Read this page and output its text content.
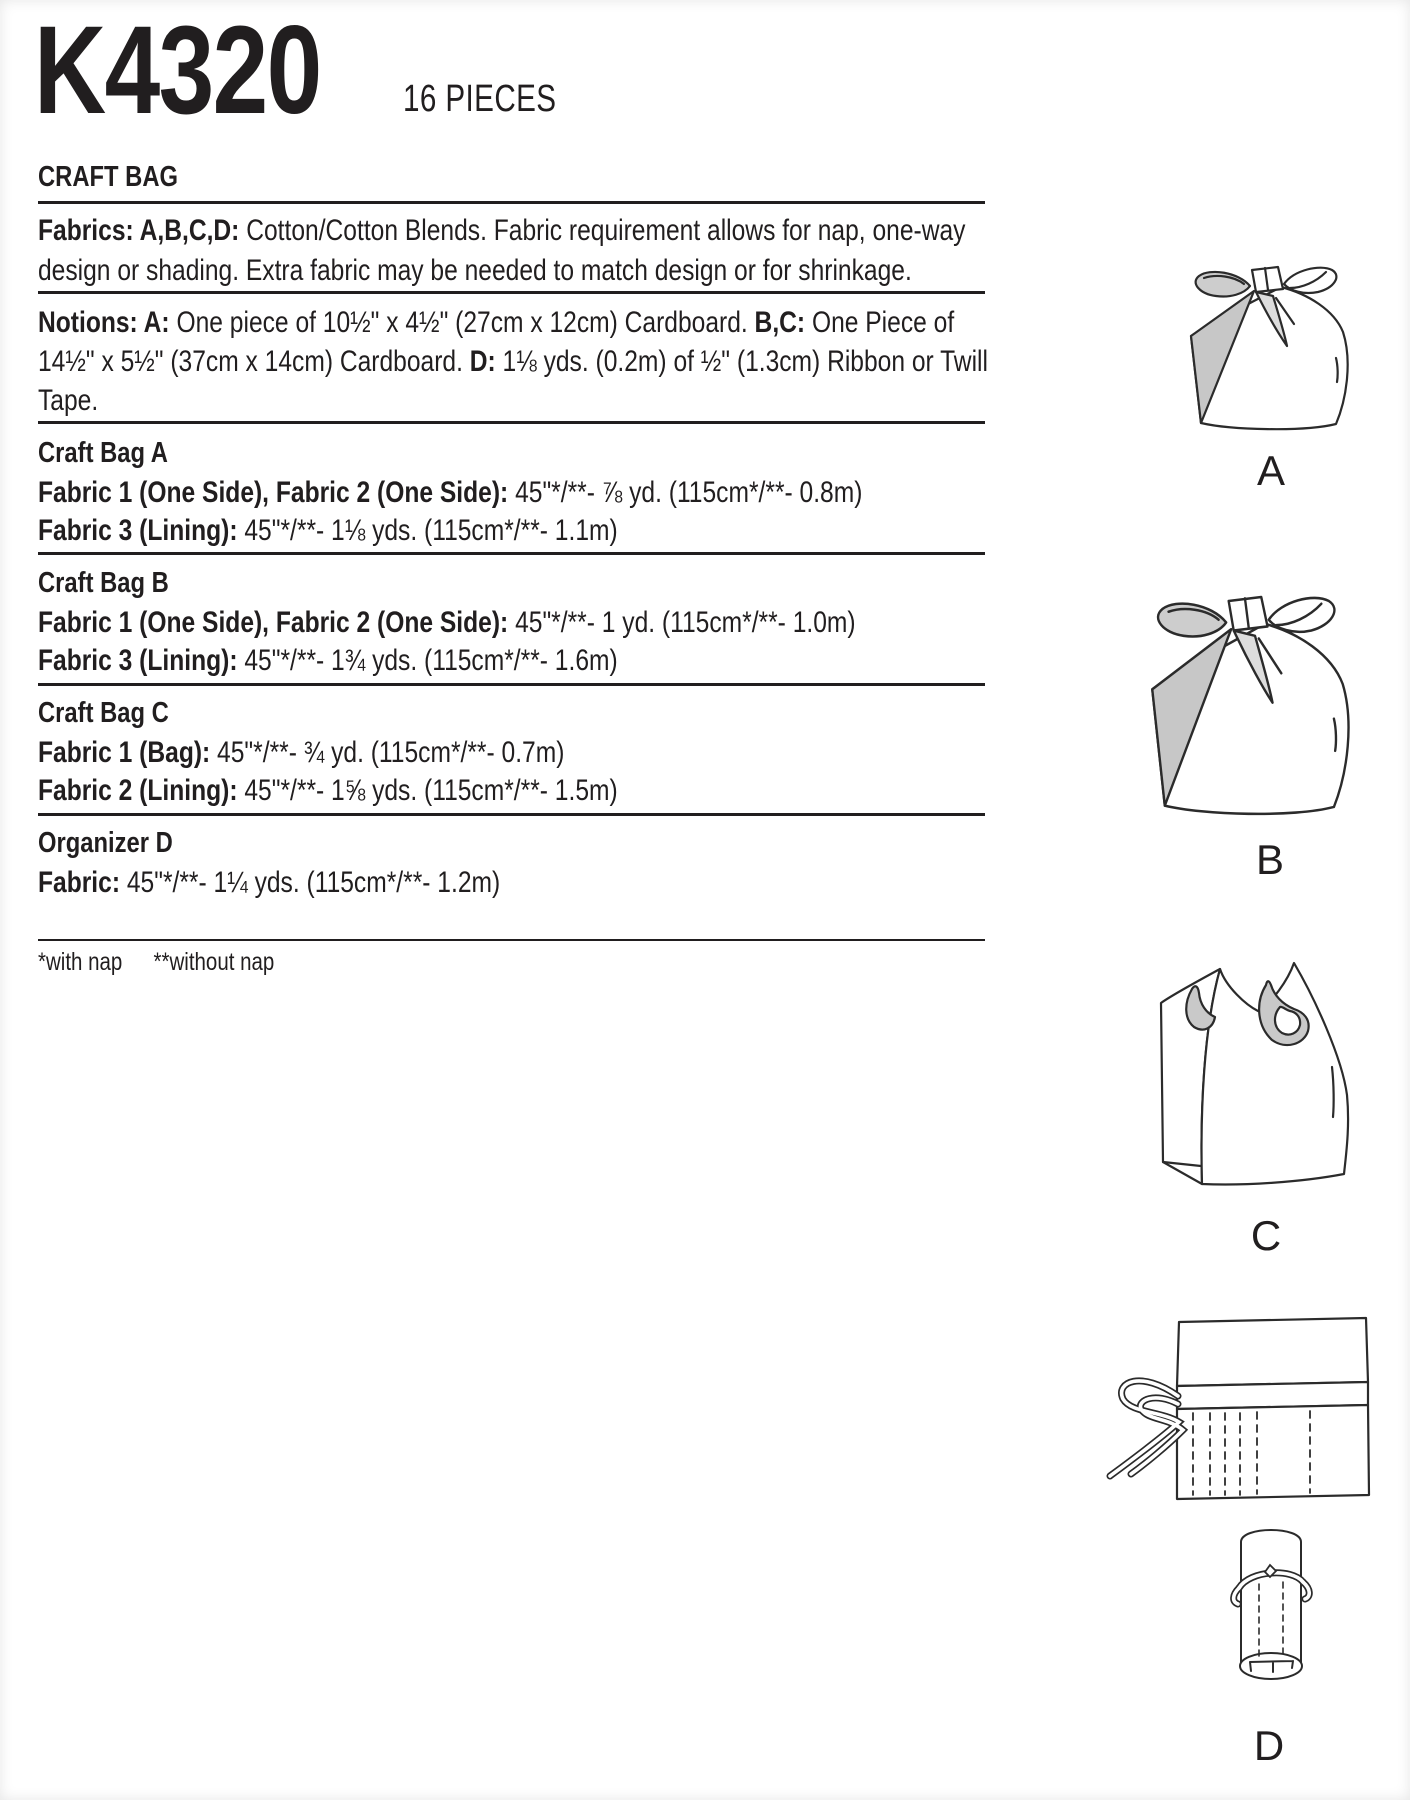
K4320	16 PIECES
CRAFT BAG
Fabrics: A,B,C,D: Cotton/Cotton Blends. Fabric requirement allows for nap, one-way
design or shading. Extra fabric may be needed to match design or for shrinkage.
Notions: A: One piece of 10½" x 4½" (27cm x 12cm) Cardboard. B,C: One Piece of
14½" x 5½" (37cm x 14cm) Cardboard. D: 1⅛ yds. (0.2m) of ½" (1.3cm) Ribbon or Twill
Tape.
Craft Bag A
Fabric 1 (One Side), Fabric 2 (One Side): 45"*/**- ⅞ yd. (115cm*/**- 0.8m)
Fabric 3 (Lining): 45"*/**- 1⅛ yds. (115cm*/**- 1.1m)
Craft Bag B
Fabric 1 (One Side), Fabric 2 (One Side): 45"*/**- 1 yd. (115cm*/**- 1.0m)
Fabric 3 (Lining): 45"*/**- 1¾ yds. (115cm*/**- 1.6m)
Craft Bag C
Fabric 1 (Bag): 45"*/**- ¾ yd. (115cm*/**- 0.7m)
Fabric 2 (Lining): 45"*/**- 1⅝ yds. (115cm*/**- 1.5m)
Organizer D
Fabric: 45"*/**- 1¼ yds. (115cm*/**- 1.2m)
*with nap **without nap
A
B
C
D
